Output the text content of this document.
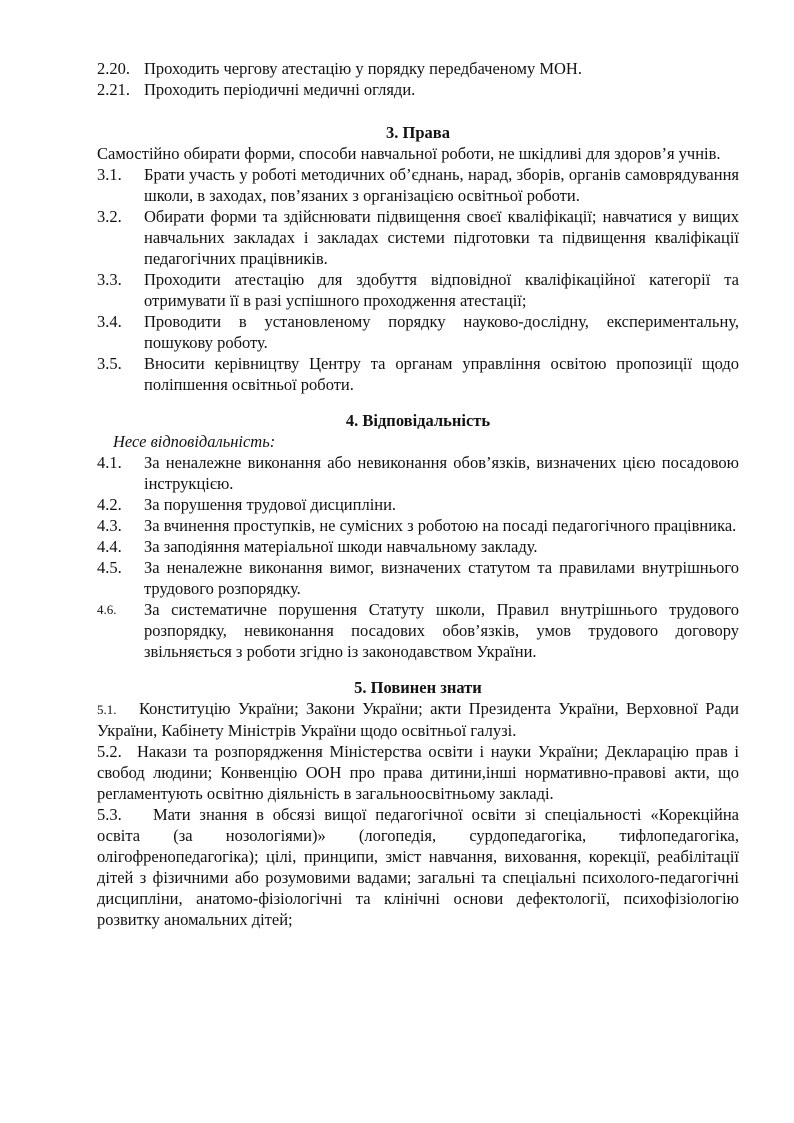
2.20. Проходить чергову атестацію у порядку передбаченому МОН.
2.21. Проходить періодичні медичні огляди.
3. Права
Самостійно обирати форми, способи навчальної роботи, не шкідливі для здоров’я учнів.
3.1.	Брати участь у роботі методичних об’єднань, нарад, зборів, органів самоврядування школи, в заходах, пов’язаних з організацією освітньої роботи.
3.2.	Обирати форми та здійснювати підвищення своєї кваліфікації; навчатися у вищих навчальних закладах і закладах системи підготовки та підвищення кваліфікації педагогічних працівників.
3.3.	Проходити атестацію для здобуття відповідної кваліфікаційної категорії та отримувати її в разі успішного проходження атестації;
3.4.	Проводити в установленому порядку науково-дослідну, експериментальну, пошукову роботу.
3.5.	Вносити керівництву Центру та органам управління освітою пропозиції щодо поліпшення освітньої роботи.
4. Відповідальність
Несе відповідальність:
4.1.	За неналежне виконання або невиконання обов’язків, визначених цією посадовою інструкцією.
4.2.	За порушення трудової дисципліни.
4.3.	За вчинення проступків, не сумісних з роботою на посаді педагогічного працівника.
4.4.	За заподіяння матеріальної шкоди навчальному закладу.
4.5.	За неналежне виконання вимог, визначених статутом та правилами внутрішнього трудового розпорядку.
4.6.	За систематичне порушення Статуту школи, Правил внутрішнього трудового розпорядку, невиконання посадових обов’язків, умов трудового договору звільняється з роботи згідно із законодавством України.
5. Повинен знати
5.1. Конституцію України; Закони України; акти Президента України, Верховної Ради України, Кабінету Міністрів України щодо освітньої галузі.
5.2. Накази та розпорядження Міністерства освіти і науки України; Декларацію прав і свобод людини; Конвенцію ООН про права дитини,інші нормативно-правові акти, що регламентують освітню діяльність в загальноосвітньому закладі.
5.3. Мати знання в обсязі вищої педагогічної освіти зі спеціальності «Корекційна освіта (за нозологіями)» (логопедія, сурдопедагогіка, тифлопедагогіка, олігофренопедагогіка); цілі, принципи, зміст навчання, виховання, корекції, реабілітації дітей з фізичними або розумовими вадами; загальні та спеціальні психолого-педагогічні дисципліни, анатомо-фізіологічні та клінічні основи дефектології, психофізіологію розвитку аномальних дітей;
